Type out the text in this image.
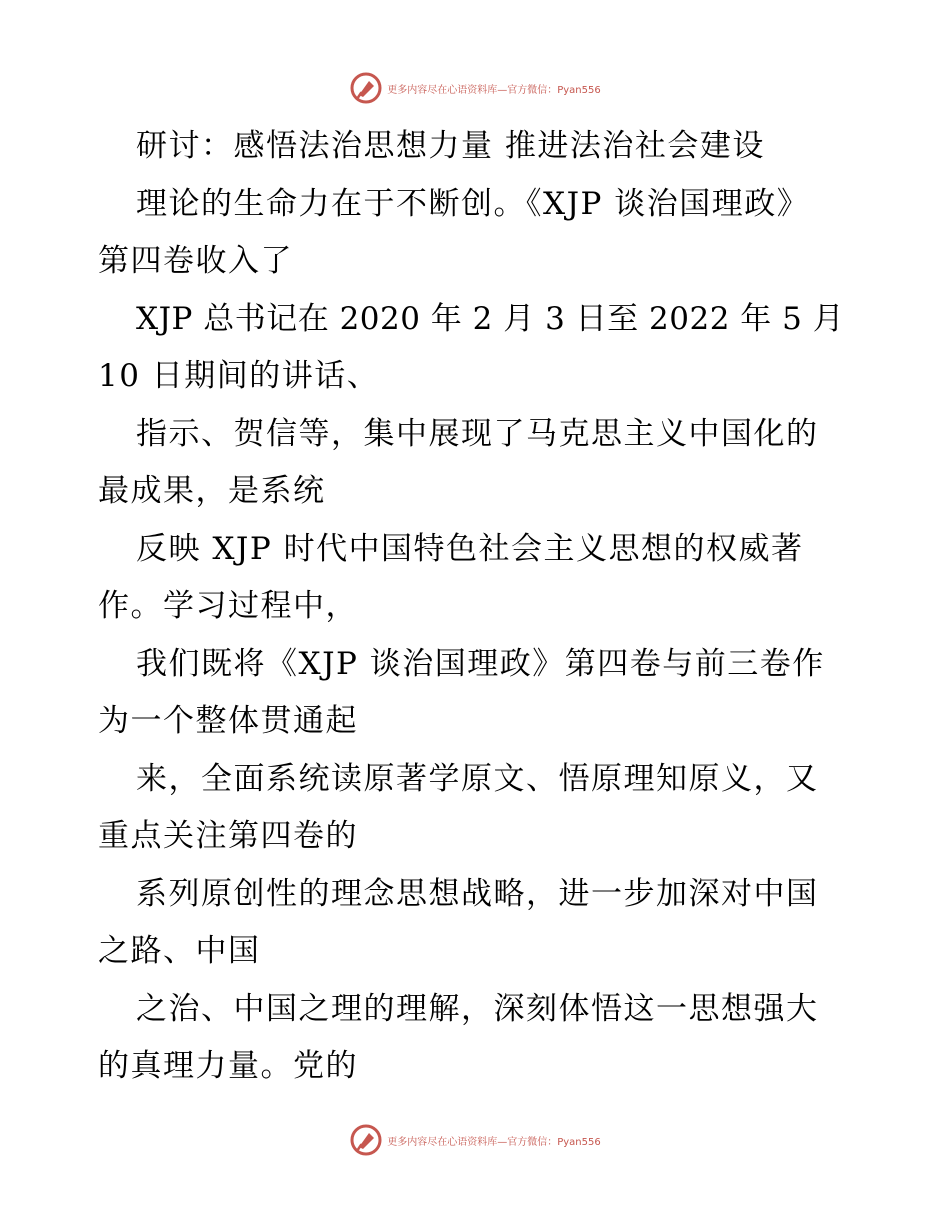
更多内容尽在心语资料库—官方微信：Pyan556
研讨：感悟法治思想力量 推进法治社会建设
理论的生命力在于不断创。《XJP 谈治国理政》
第四卷收入了
XJP 总书记在 2020 年 2 月 3 日至 2022 年 5 月
10 日期间的讲话、
指示、贺信等，集中展现了马克思主义中国化的
最成果，是系统
反映 XJP 时代中国特色社会主义思想的权威著
作。学习过程中，
我们既将《XJP 谈治国理政》第四卷与前三卷作
为一个整体贯通起
来，全面系统读原著学原文、悟原理知原义，又
重点关注第四卷的
系列原创性的理念思想战略，进一步加深对中国
之路、中国
之治、中国之理的理解，深刻体悟这一思想强大
的真理力量。党的
更多内容尽在心语资料库—官方微信：Pyan556
